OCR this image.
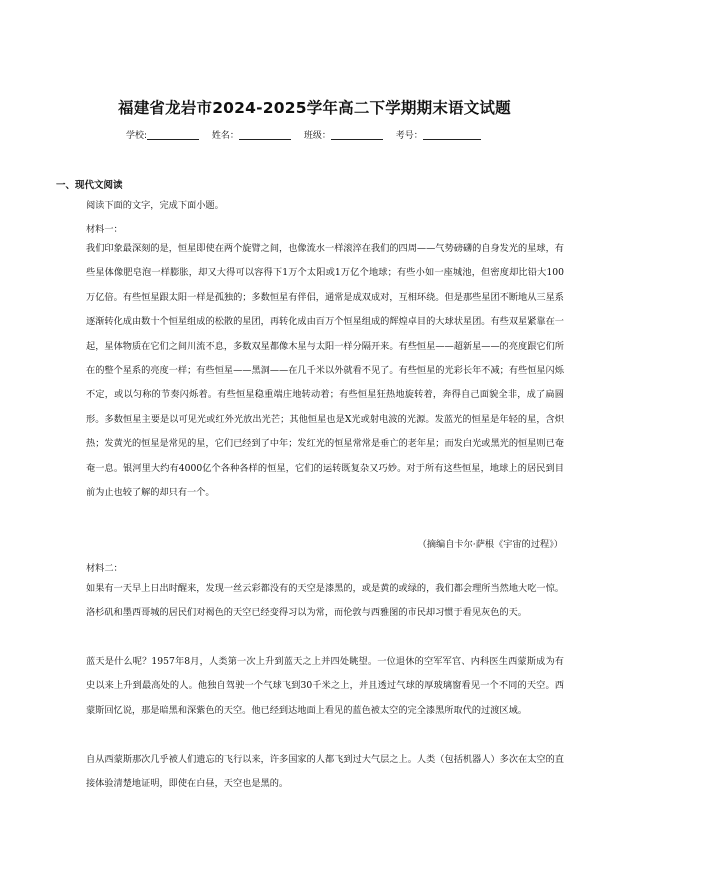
福建省龙岩市2024-2025学年高二下学期期末语文试题
学校:	姓名：	班级：	考号：
一、现代文阅读
阅读下面的文字，完成下面小题。
材料一：
我们印象最深刻的是，恒星即使在两个旋臂之间，也像流水一样滚淬在我们的四周——气势磅礴的自身发光的星球，有些星体像肥皂泡一样膨胀，却又大得可以容得下1万个太阳或1万亿个地球；有些小如一座城池，但密度却比铅大100万亿倍。有些恒星跟太阳一样是孤独的；多数恒星有伴侣，通常是成双成对，互相环绕。但是那些星团不断地从三星系逐渐转化成由数十个恒星组成的松散的星团，再转化成由百万个恒星组成的辉煌卓目的大球状星团。有些双星紧靠在一起，星体物质在它们之间川流不息，多数双星都像木星与太阳一样分隔开来。有些恒星——超新星——的亮度跟它们所在的整个星系的亮度一样；有些恒星——黑洞——在几千米以外就看不见了。有些恒星的光彩长年不减；有些恒星闪烁不定，或以匀称的节奏闪烁着。有些恒星稳重端庄地转动着；有些恒星狂热地旋转着，奔得自己面貌全非，成了扁圆形。多数恒星主要是以可见光或红外光放出光芒；其他恒星也是X光或射电波的光源。发蓝光的恒星是年轻的星，含炽热；发黄光的恒星是常见的星，它们已经到了中年；发红光的恒星常常是垂亡的老年星；而发白光或黑光的恒星则已奄奄一息。银河里大约有4000亿个各种各样的恒星，它们的运转既复杂又巧妙。对于所有这些恒星，地球上的居民到目前为止也较了解的却只有一个。
（摘编自卡尔·萨根《宇宙的过程》）
材料二：
如果有一天早上日出时醒来，发现一丝云彩都没有的天空是漆黑的，或是黄的或绿的，我们都会理所当然地大吃一惊。洛杉矶和墨西哥城的居民们对褐色的天空已经变得习以为常，而伦敦与西雅图的市民却习惯于看见灰色的天。
蓝天是什么呢？1957年8月，人类第一次上升到蓝天之上并四处眺望。一位退休的空军军官、内科医生西蒙斯成为有史以来上升到最高处的人。他独自驾驶一个气球飞到30千米之上，并且透过气球的厚玻璃窗看见一个不同的天空。西蒙斯回忆说，那是暗黑和深紫色的天空。他已经到达地面上看见的蓝色被太空的完全漆黑所取代的过渡区域。
自从西蒙斯那次几乎被人们遗忘的飞行以来，许多国家的人都飞到过大气层之上。人类（包括机器人）多次在太空的直接体验清楚地证明，即使在白昼，天空也是黑的。
